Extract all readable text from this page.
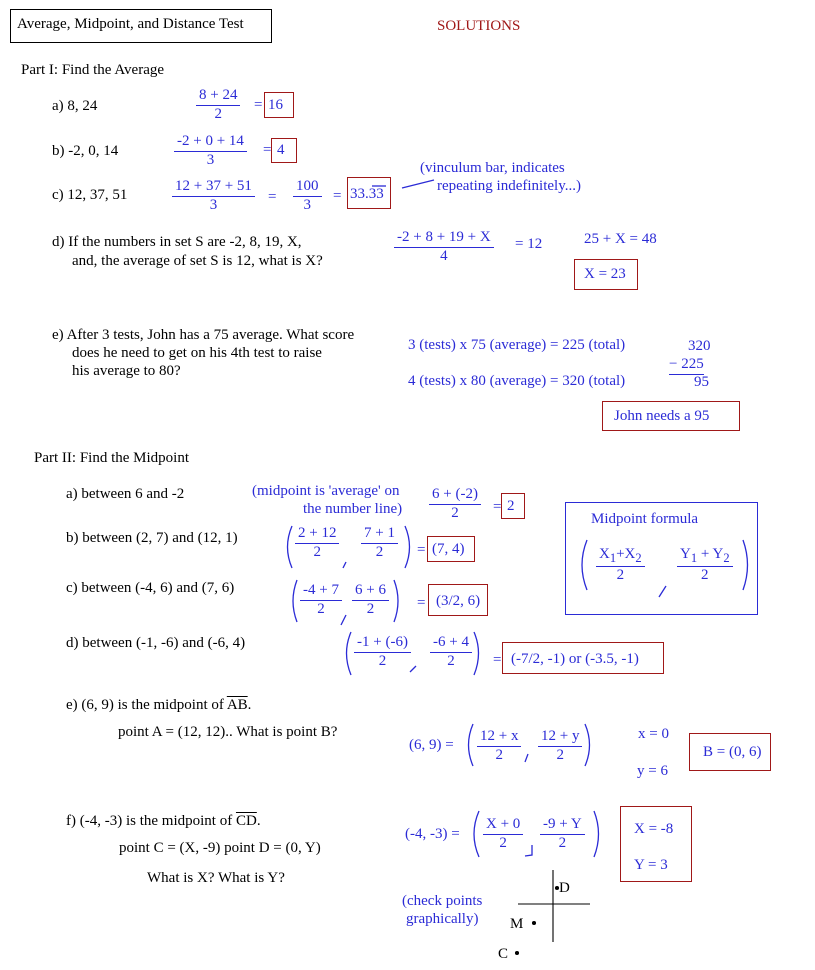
Average, Midpoint, and Distance Test	SOLUTIONS
Part I: Find the Average
a) 8, 24	$\frac{8 + 24}{2} = 16$
b) -2, 0, 14	$\frac{-2 + 0 + 14}{3} = 4$
c) 12, 37, 51	$\frac{12 + 37 + 51}{3} = \frac{100}{3} = 33.33$
(vinculum bar, indicates
repeating indefinitely...)
d) If the numbers in set S are -2, 8, 19, X,
and, the average of set S is 12, what is X?	$\frac{-2 + 8 + 19 + X}{4} = 12$	25 + X = 48
X = 23
e) After 3 tests, John has a 75 average. What score
does he need to get on his 4th test to raise
his average to 80?
3 (tests) x 75 (average) = 225 (total)
4 (tests) x 80 (average) = 320 (total)
320
− 225
95
John needs a 95
Part II: Find the Midpoint
a) between 6 and -2	(midpoint is 'average' on
the number line) $\frac{6 + (-2)}{2} = 2$
Midpoint formula
$\frac{X_1+X_2}{2} \frac{Y_1 + Y_2}{2}$
b) between (2, 7) and (12, 1)	$\frac{2 + 12}{2} \frac{7 + 1}{2} = (7$, 4)
c) between (-4, 6) and (7, 6)	$\frac{-4 + 7}{2} \frac{6 + 6}{2} = (3/2$, 6)
d) between (-1, -6) and (-6, 4)	$\frac{-1 + (-6)}{2} \frac{-6 + 4}{2} = (-7/2$, -1) or (-3.5, -1)
e) (6, 9) is the midpoint of $\overline{AB}$.
point A = (12, 12).. What is point B?
(6, $9) = \frac{12 + x}{2} \frac{12 + y}{2}$	x = 0
y = 6
B = (0, 6)
f) (-4, -3) is the midpoint of $\overline{CD}$.
point C = (X, -9) point D = (0, Y)
What is X? What is Y?
(-4, $-3) = \frac{X + 0}{2} \frac{-9 + Y}{2}$	X = -8
Y = 3
(check points
graphically)
D
M
C
